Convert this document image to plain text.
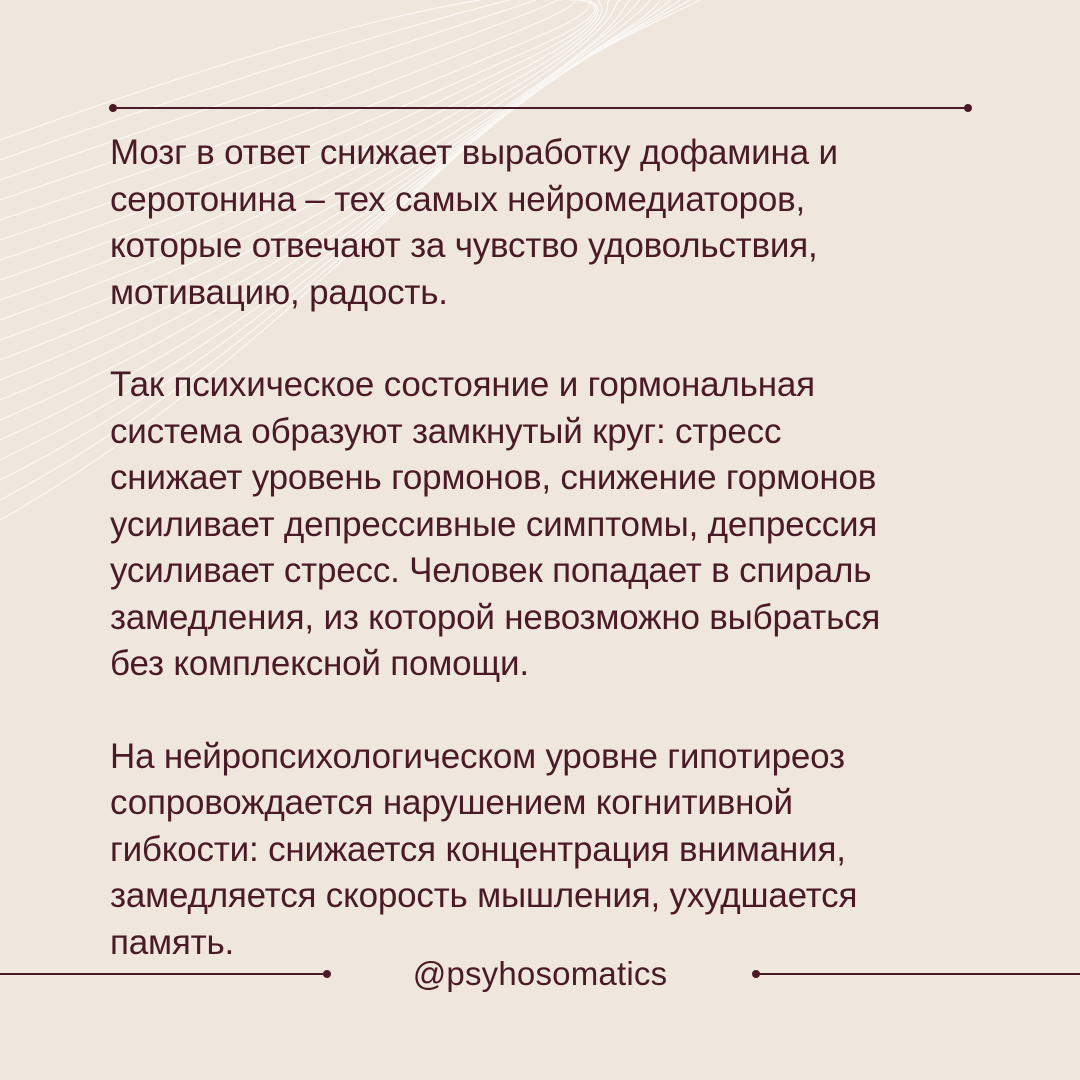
Мозг в ответ снижает выработку дофамина и
серотонина – тех самых нейромедиаторов,
которые отвечают за чувство удовольствия,
мотивацию, радость.

Так психическое состояние и гормональная
система образуют замкнутый круг: стресс
снижает уровень гормонов, снижение гормонов
усиливает депрессивные симптомы, депрессия
усиливает стресс. Человек попадает в спираль
замедления, из которой невозможно выбраться
без комплексной помощи.

На нейропсихологическом уровне гипотиреоз
сопровождается нарушением когнитивной
гибкости: снижается концентрация внимания,
замедляется скорость мышления, ухудшается
память.

@psyhosomatics
